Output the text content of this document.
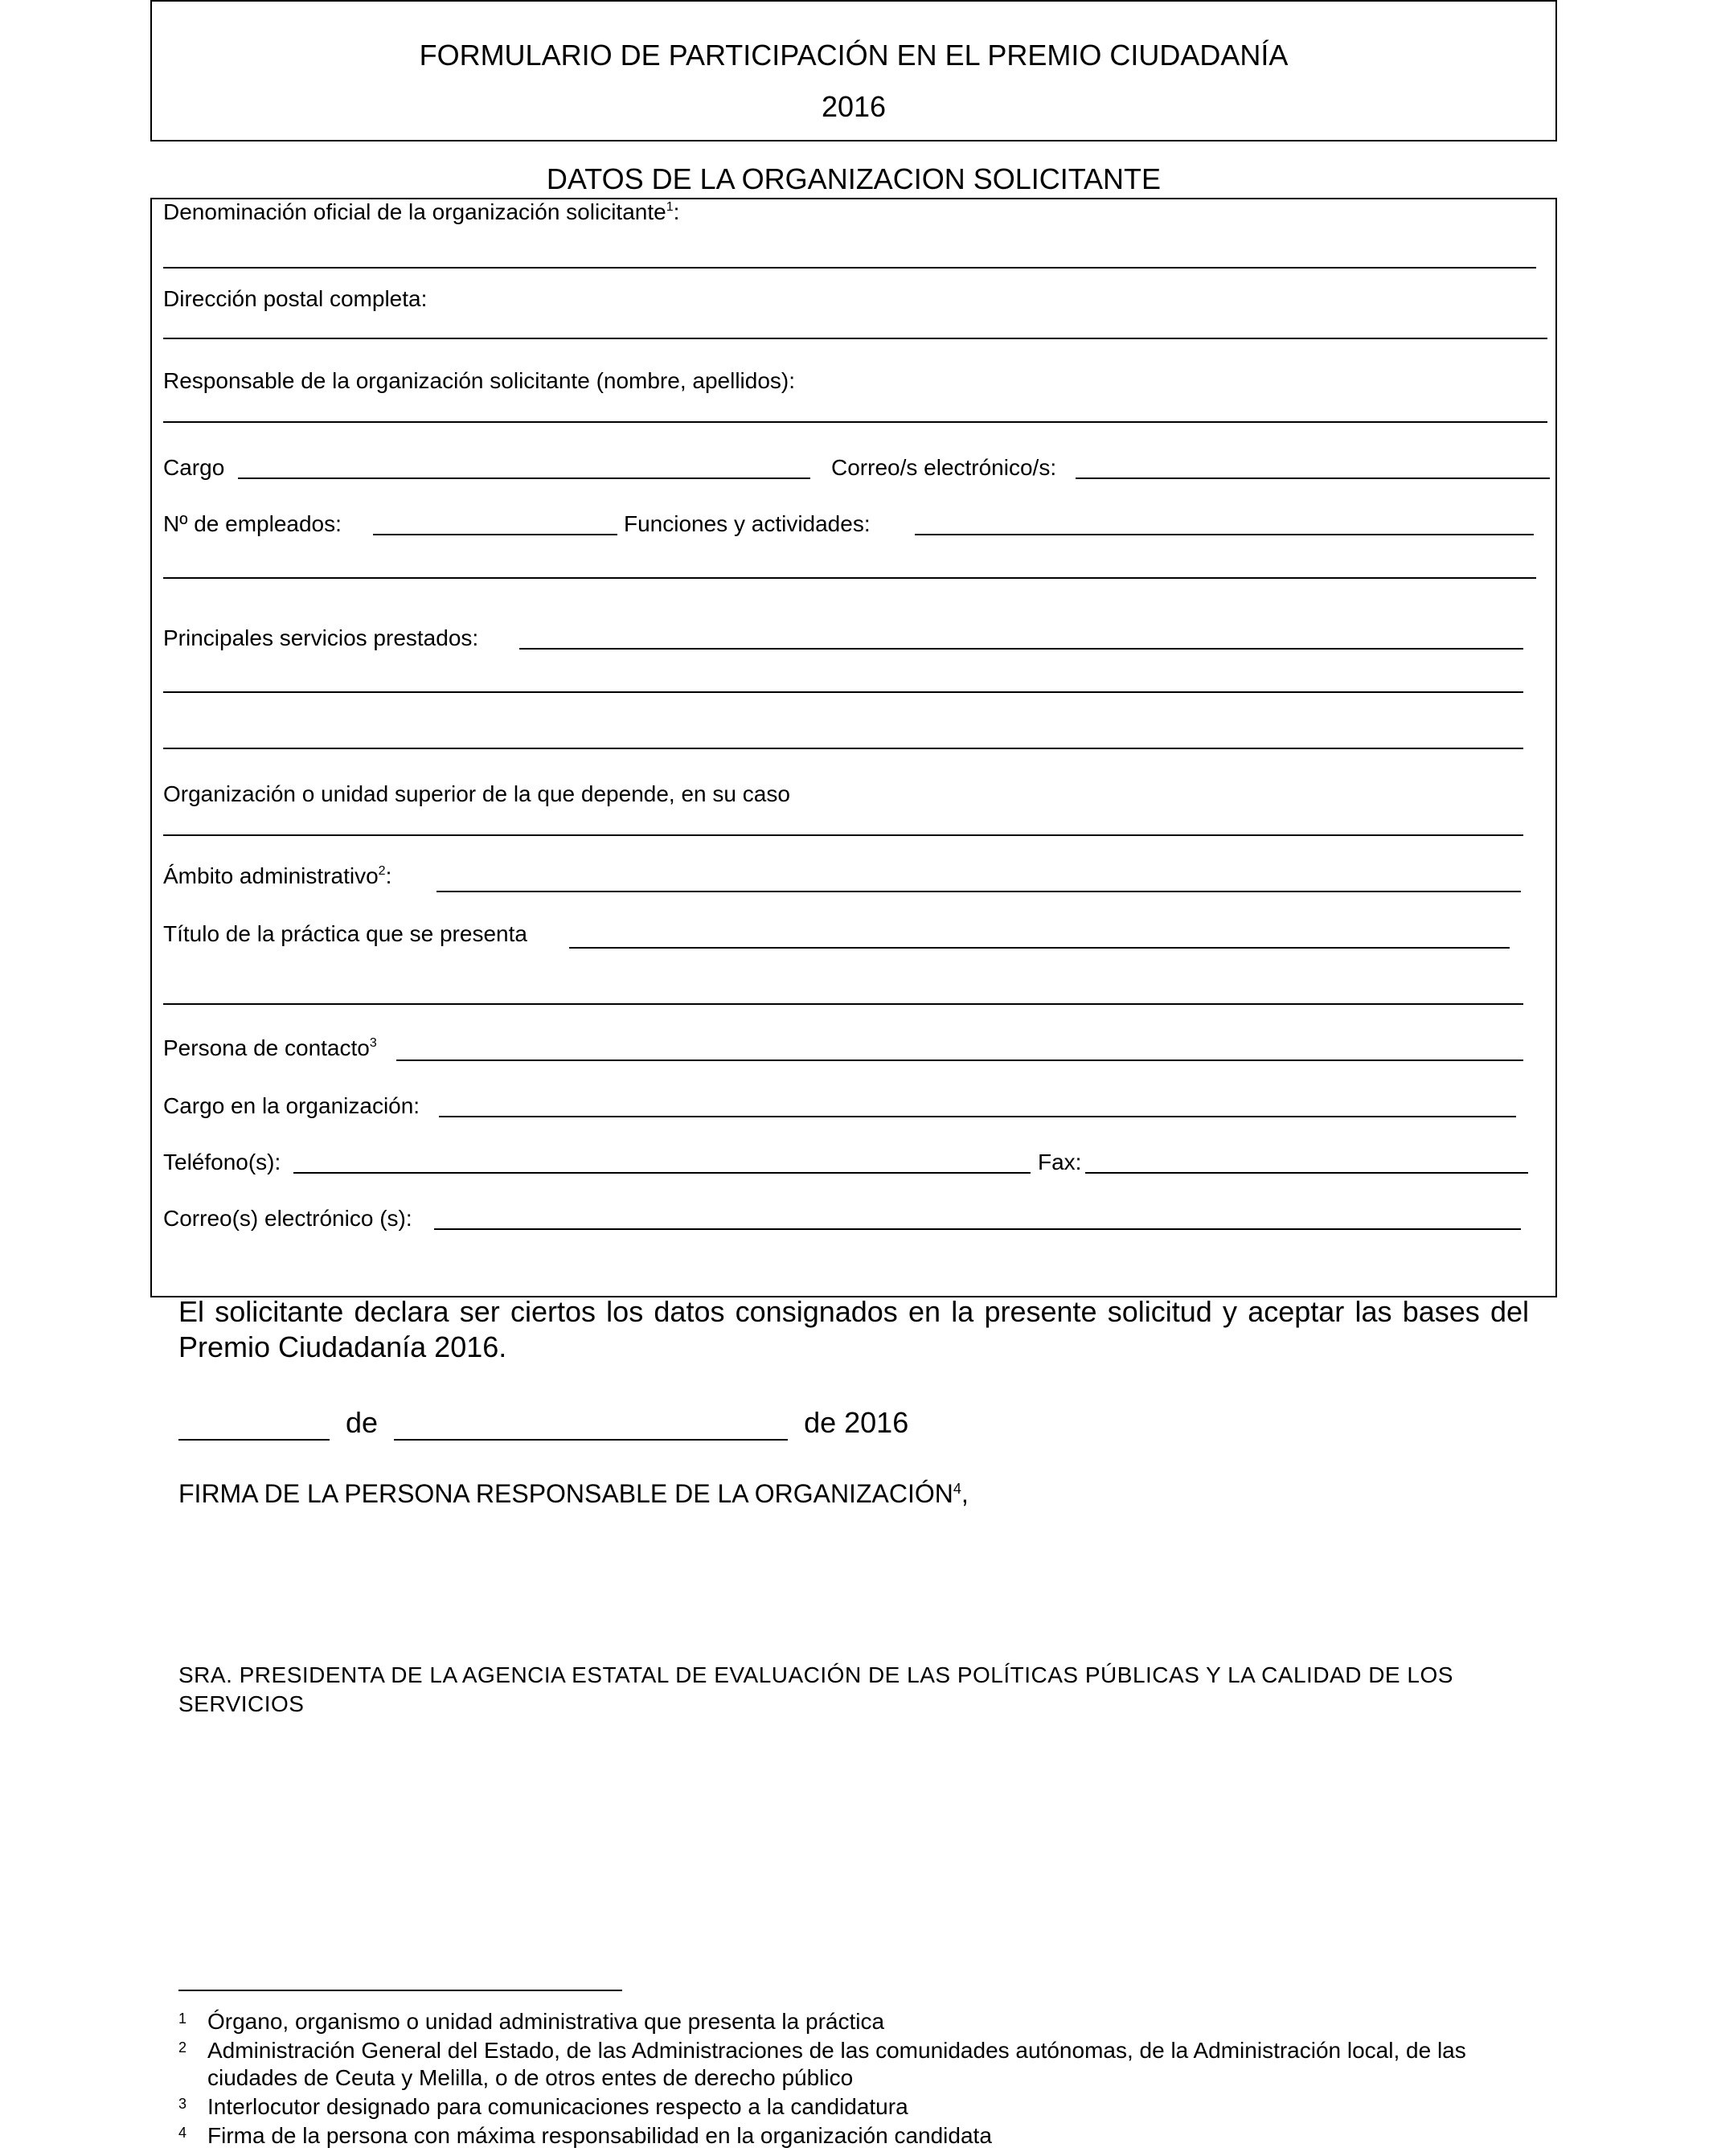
FORMULARIO DE PARTICIPACIÓN EN EL PREMIO CIUDADANÍA
2016
DATOS DE LA ORGANIZACION SOLICITANTE
Denominación oficial de la organización solicitante$^1$:
Dirección postal completa:
Responsable de la organización solicitante (nombre, apellidos):
Cargo	Correo/s electrónico/s:
Nº de empleados:	Funciones y actividades:
Principales servicios prestados:
Organización o unidad superior de la que depende, en su caso
Ámbito administrativo$^2$:
Título de la práctica que se presenta
Persona de contacto$^3$
Cargo en la organización:
Teléfono(s):	Fax:
Correo(s) electrónico (s):
El solicitante declara ser ciertos los datos consignados en la presente solicitud y aceptar las bases del Premio Ciudadanía 2016.
de	de 2016
FIRMA DE LA PERSONA RESPONSABLE DE LA ORGANIZACIÓN$^4$,
SRA. PRESIDENTA DE LA AGENCIA ESTATAL DE EVALUACIÓN DE LAS POLÍTICAS PÚBLICAS Y LA CALIDAD DE LOS SERVICIOS
1 Órgano, organismo o unidad administrativa que presenta la práctica
2 Administración General del Estado, de las Administraciones de las comunidades autónomas, de la Administración local, de las ciudades de Ceuta y Melilla, o de otros entes de derecho público
3 Interlocutor designado para comunicaciones respecto a la candidatura
4 Firma de la persona con máxima responsabilidad en la organización candidata
